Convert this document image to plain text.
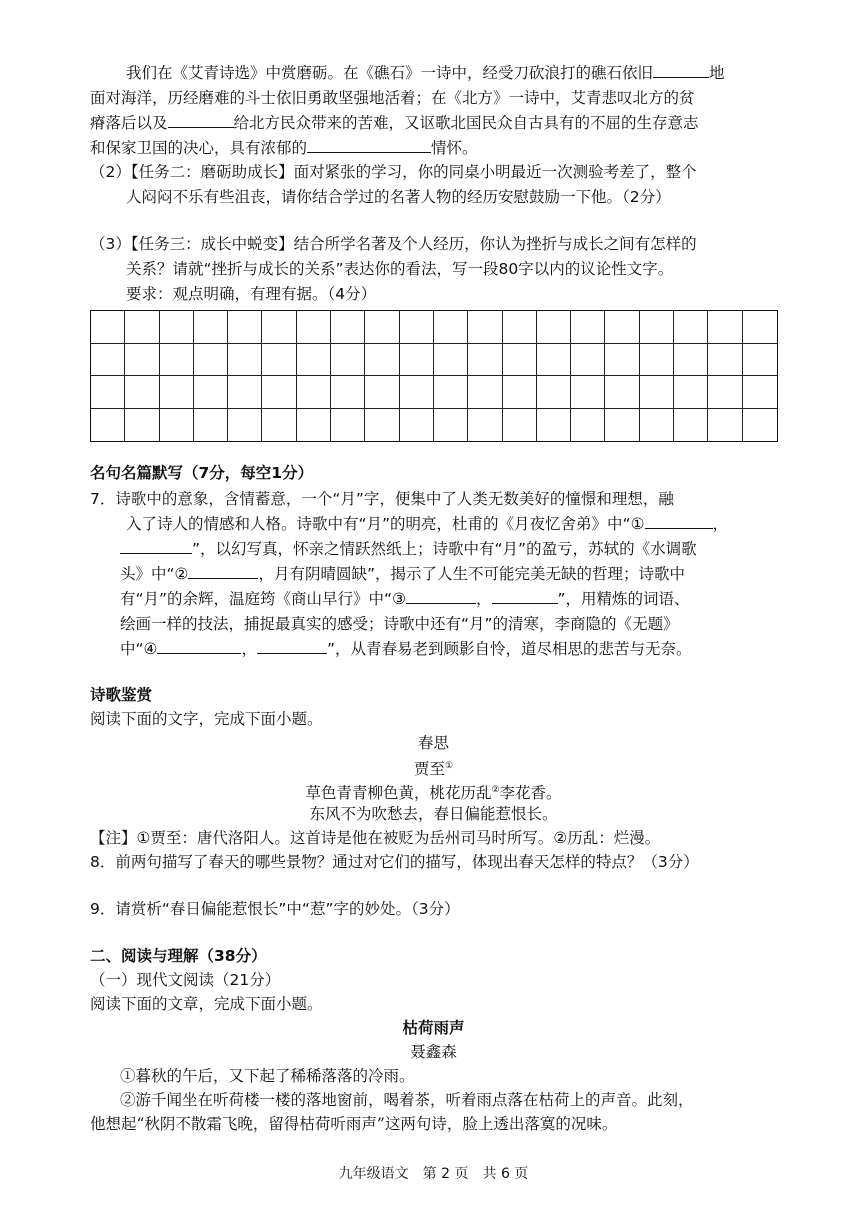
我们在《艾青诗选》中赏磨砺。在《礁石》一诗中，经受刀砍浪打的礁石依旧	地
面对海洋，历经磨难的斗士依旧勇敢坚强地活着；在《北方》一诗中，艾青悲叹北方的贫
瘠落后以及	给北方民众带来的苦难，又讴歌北国民众自古具有的不屈的生存意志
和保家卫国的决心，具有浓郁的	情怀。
（2）【任务二：磨砺助成长】面对紧张的学习，你的同桌小明最近一次测验考差了，整个
人闷闷不乐有些沮丧，请你结合学过的名著人物的经历安慰鼓励一下他。（2分）
（3）【任务三：成长中蜕变】结合所学名著及个人经历，你认为挫折与成长之间有怎样的
关系？请就“挫折与成长的关系”表达你的看法，写一段80字以内的议论性文字。
要求：观点明确，有理有据。（4分）
名句名篇默写（7分，每空1分）
7．诗歌中的意象，含情蓄意，一个“月”字，便集中了人类无数美好的憧憬和理想，融
入了诗人的情感和人格。诗歌中有“月”的明亮，杜甫的《月夜忆舍弟》中“①	，
”，以幻写真，怀亲之情跃然纸上；诗歌中有“月”的盈亏，苏轼的《水调歌
头》中“②	，月有阴晴圆缺”，揭示了人生不可能完美无缺的哲理；诗歌中
有“月”的余辉，温庭筠《商山早行》中“③	，	”，用精炼的词语、
绘画一样的技法，捕捉最真实的感受；诗歌中还有“月”的清寒，李商隐的《无题》
中“④	，	”，从青春易老到顾影自怜，道尽相思的悲苦与无奈。
诗歌鉴赏
阅读下面的文字，完成下面小题。
春思
贾至①
草色青青柳色黄，桃花历乱②李花香。
东风不为吹愁去，春日偏能惹恨长。
【注】①贾至：唐代洛阳人。这首诗是他在被贬为岳州司马时所写。②历乱：烂漫。
8．前两句描写了春天的哪些景物？通过对它们的描写，体现出春天怎样的特点？（3分）
9．请赏析“春日偏能惹恨长”中“惹”字的妙处。（3分）
二、阅读与理解（38分）
（一）现代文阅读（21分）
阅读下面的文章，完成下面小题。
枯荷雨声
聂鑫森
①暮秋的午后，又下起了稀稀落落的冷雨。
②游千闻坐在听荷楼一楼的落地窗前，喝着茶，听着雨点落在枯荷上的声音。此刻，
他想起“秋阴不散霜飞晚，留得枯荷听雨声”这两句诗，脸上透出落寞的况味。
九年级语文　第 2 页　共 6 页
